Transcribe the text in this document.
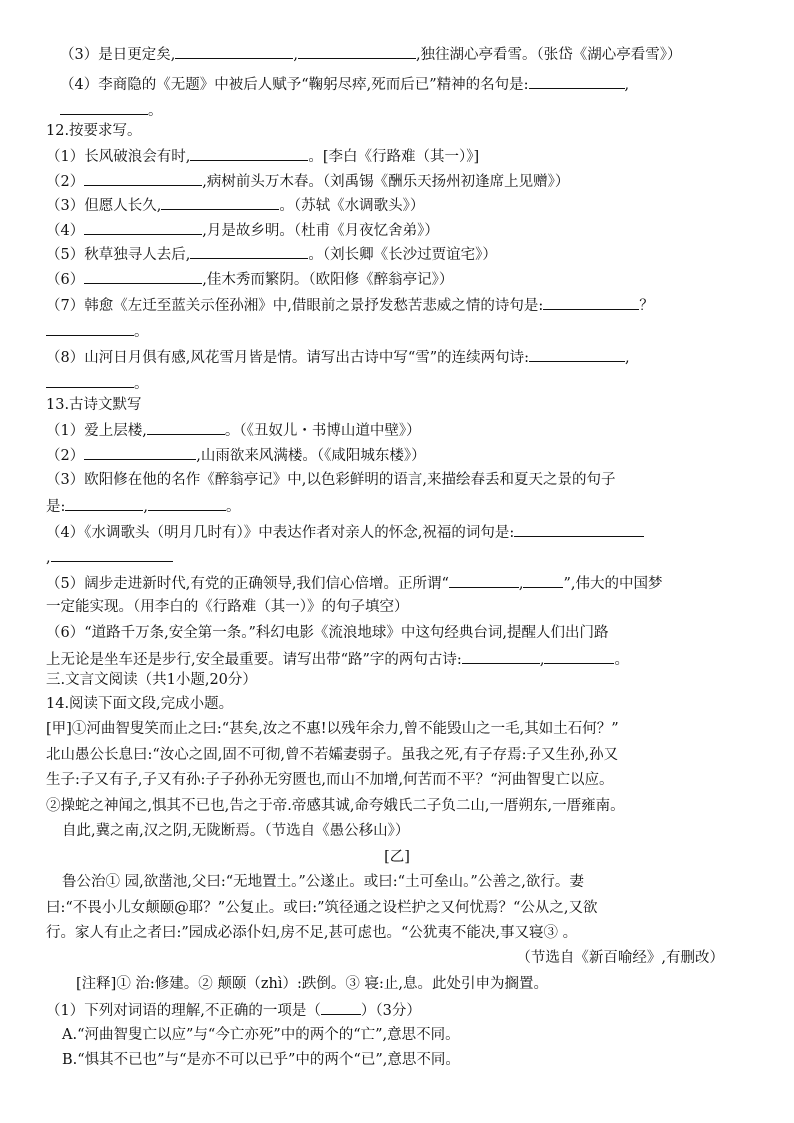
（3）是日更定矣,	,	,独往湖心亭看雪。（张岱《湖心亭看雪》）
（4）李商隐的《无题》中被后人赋予“鞠躬尽瘁,死而后已”精神的名句是:	,
。
12.按要求写。
（1）长风破浪会有时,	。[李白《行路难（其一）》]
（2）	,病树前头万木春。（刘禹锡《酬乐天扬州初逢席上见赠》）
（3）但愿人长久,	。（苏轼《水调歌头》）
（4）	,月是故乡明。（杜甫《月夜忆舍弟》）
（5）秋草独寻人去后,	。（刘长卿《长沙过贾谊宅》）
（6）	,佳木秀而繁阴。（欧阳修《醉翁亭记》）
（7）韩愈《左迁至蓝关示侄孙湘》中,借眼前之景抒发愁苦悲威之情的诗句是:	？
。
（8）山河日月俱有感,风花雪月皆是情。请写出古诗中写“雪”的连续两句诗:	,
。
13.古诗文默写
（1）爱上层楼,	。（《丑奴儿・书博山道中壁》）
（2）	,山雨欲来风满楼。（《咸阳城东楼》）
（3）欧阳修在他的名作《醉翁亭记》中,以色彩鲜明的语言,来描绘春丢和夏天之景的句子
是:	,	。
（4）《水调歌头（明月几时有）》中表达作者对亲人的怀念,祝福的词句是:
,
（5）阔步走进新时代,有党的正确领导,我们信心倍增。正所谓“	,	”,伟大的中国梦
一定能实现。（用李白的《行路难（其一）》的句子填空）
（6）“道路千万条,安全第一条。”科幻电影《流浪地球》中这句经典台词,提醒人们出门路
上无论是坐车还是步行,安全最重要。请写出带“路”字的两句古诗:	,	。
三.文言文阅读（共1小题,20分）
14.阅读下面文段,完成小题。
[甲]①河曲智叟笑而止之曰:“甚矣,汝之不惠!以残年余力,曾不能毁山之一毛,其如土石何？”
北山愚公长息曰:“汝心之固,固不可彻,曾不若孀妻弱子。虽我之死,有子存焉:子又生孙,孙又
生子:子又有子,子又有孙:子子孙孙无穷匮也,而山不加增,何苦而不平？“河曲智叟亡以应。
②操蛇之神闻之,惧其不已也,告之于帝.帝感其诚,命夸娥氏二子负二山,一厝朔东,一厝雍南。
自此,冀之南,汉之阴,无陇断焉。（节选自《愚公移山》）
[乙]
鲁公治① 园,欲凿池,父曰:“无地置土。”公遂止。或曰:“土可垒山。”公善之,欲行。妻
曰:“不畏小儿女颠颐@耶？”公复止。或曰:”筑径通之设栏护之又何忧焉？“公从之,又欲
行。家人有止之者曰:”园成必添仆妇,房不足,甚可虑也。“公犹夷不能决,事又寝③ 。
（节选自《新百喻经》,有删改）
[注释]① 治:修建。② 颠颐（zhì）:跌倒。③ 寝:止,息。此处引申为搁置。
（1）下列对词语的理解,不正确的一项是（	）（3分）
A.“河曲智叟亡以应”与“今亡亦死”中的两个的“亡”,意思不同。
B.“惧其不已也”与“是亦不可以已乎”中的两个“已”,意思不同。
